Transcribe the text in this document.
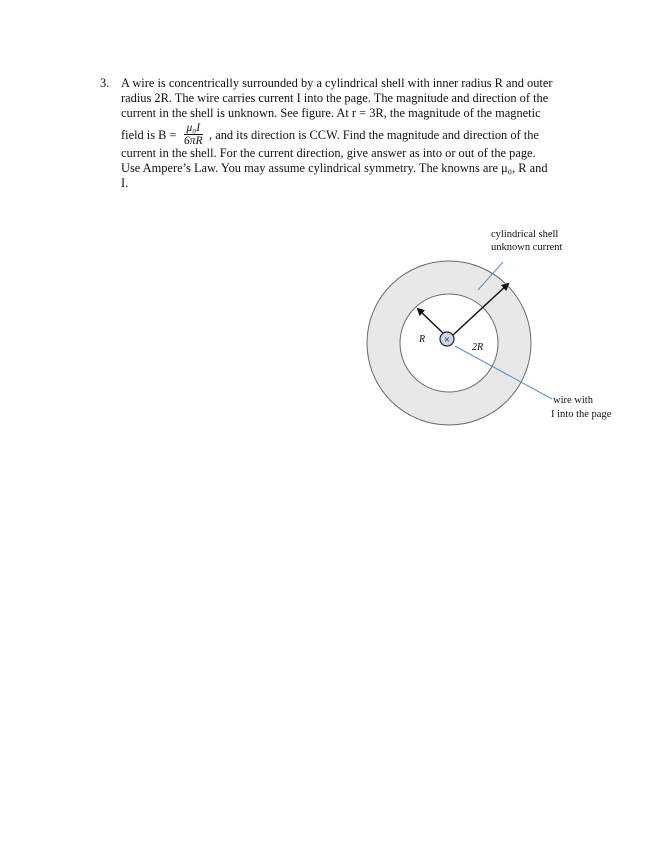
3. A wire is concentrically surrounded by a cylindrical shell with inner radius R and outer
radius 2R. The wire carries current I into the page. The magnitude and direction of the
current in the shell is unknown. See figure. At r = 3R, the magnitude of the magnetic
field is $B = \frac{\text{μ₀I}}{6\pi R}$ , and its direction is CCW. Find the magnitude and direction of the
current in the shell. For the current direction, give answer as into or out of the page.
Use Ampere’s Law. You may assume cylindrical symmetry. The knowns are μ₀, R and
I.
×
cylindrical shell
unknown current
R
2R
wire with
I into the page
